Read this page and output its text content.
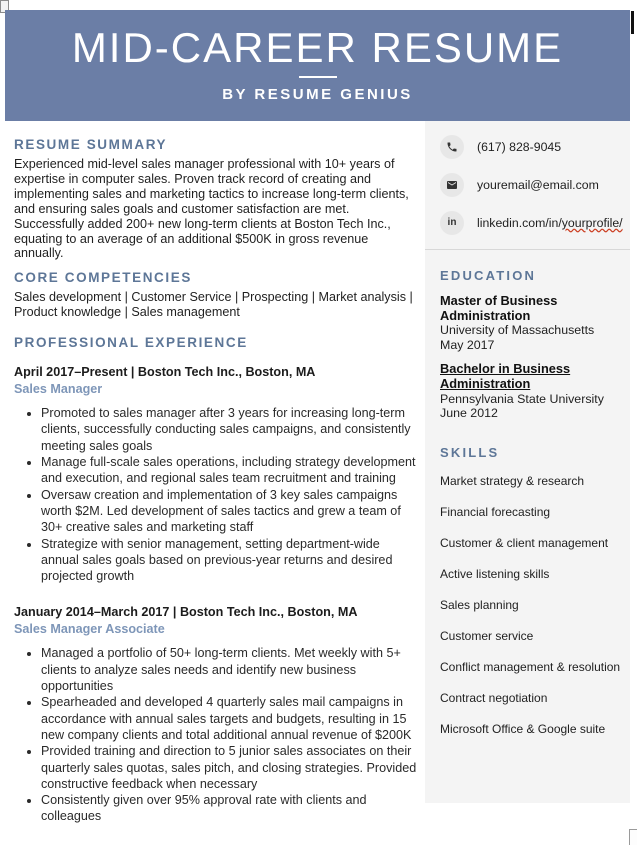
MID-CAREER RESUME
BY RESUME GENIUS
RESUME SUMMARY

Experienced mid-level sales manager professional with 10+ years of expertise in computer sales. Proven track record of creating and implementing sales and marketing tactics to increase long-term clients, and ensuring sales goals and customer satisfaction are met. Successfully added 200+ new long-term clients at Boston Tech Inc., equating to an average of an additional $500K in gross revenue annually.

CORE COMPETENCIES

Sales development | Customer Service | Prospecting | Market analysis | Product knowledge | Sales management

PROFESSIONAL EXPERIENCE
April 2017–Present | Boston Tech Inc., Boston, MA
Sales Manager
• Promoted to sales manager after 3 years for increasing long-term clients, successfully conducting sales campaigns, and consistently meeting sales goals
• Manage full-scale sales operations, including strategy development and execution, and regional sales team recruitment and training
• Oversaw creation and implementation of 3 key sales campaigns worth $2M. Led development of sales tactics and grew a team of 30+ creative sales and marketing staff
• Strategize with senior management, setting department-wide annual sales goals based on previous-year returns and desired projected growth
January 2014–March 2017 | Boston Tech Inc., Boston, MA
Sales Manager Associate
• Managed a portfolio of 50+ long-term clients. Met weekly with 5+ clients to analyze sales needs and identify new business opportunities
• Spearheaded and developed 4 quarterly sales mail campaigns in accordance with annual sales targets and budgets, resulting in 15 new company clients and total additional annual revenue of $200K
• Provided training and direction to 5 junior sales associates on their quarterly sales quotas, sales pitch, and closing strategies. Provided constructive feedback when necessary
• Consistently given over 95% approval rate with clients and colleagues
(617) 828-9045
youremail@email.com
in linkedin.com/in/yourprofile/
EDUCATION
Master of Business Administration
University of Massachusetts
May 2017
Bachelor in Business Administration
Pennsylvania State University
June 2012
SKILLS
Market strategy & research
Financial forecasting
Customer & client management
Active listening skills
Sales planning
Customer service
Conflict management & resolution
Contract negotiation
Microsoft Office & Google suite
